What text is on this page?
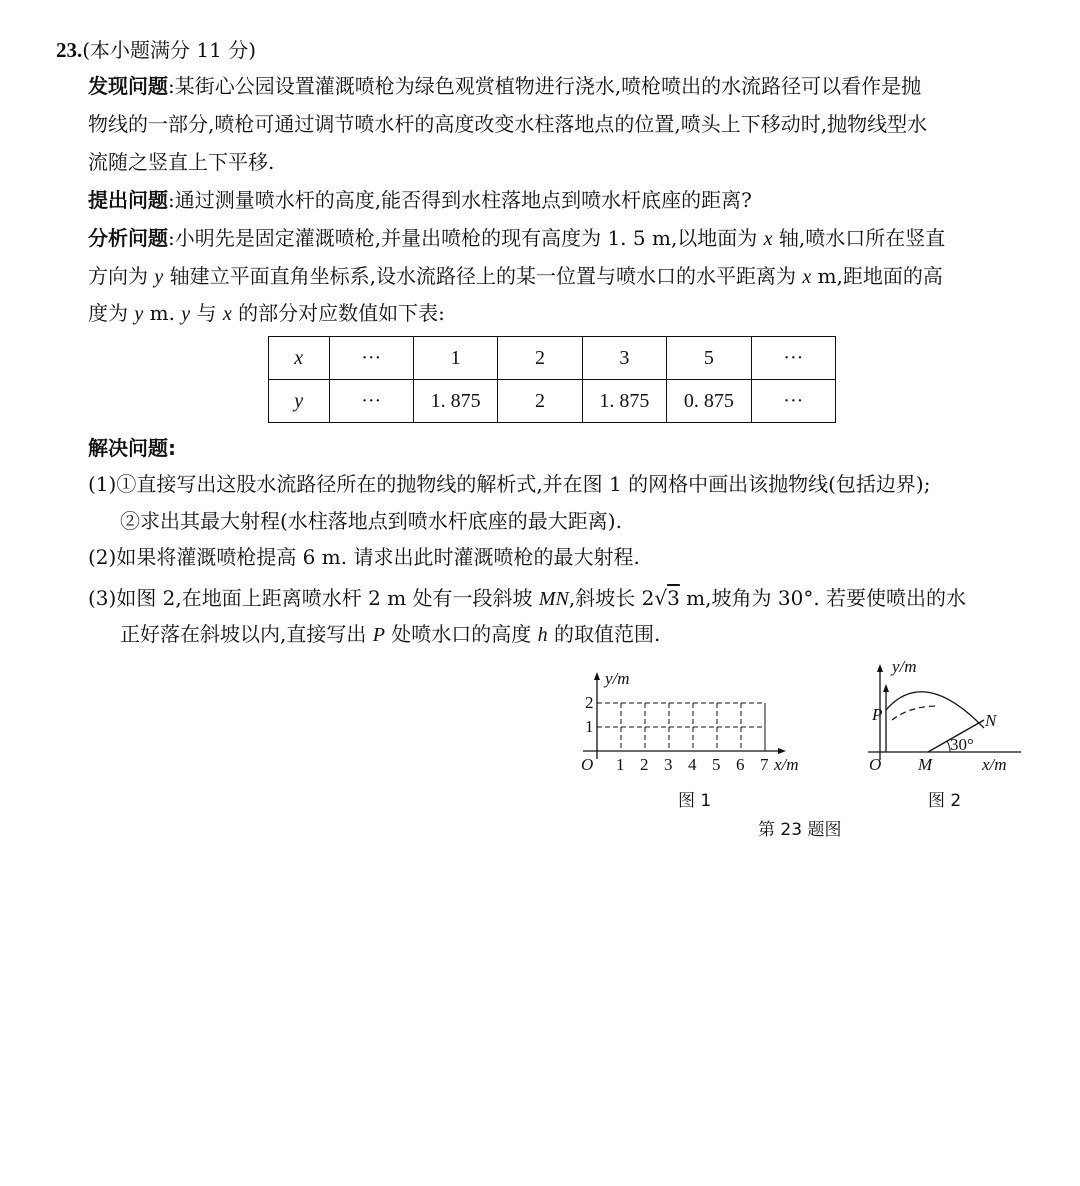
23.(本小题满分 11 分)
发现问题:某街心公园设置灌溉喷枪为绿色观赏植物进行浇水,喷枪喷出的水流路径可以看作是抛
物线的一部分,喷枪可通过调节喷水杆的高度改变水柱落地点的位置,喷头上下移动时,抛物线型水
流随之竖直上下平移.
提出问题:通过测量喷水杆的高度,能否得到水柱落地点到喷水杆底座的距离?
分析问题:小明先是固定灌溉喷枪,并量出喷枪的现有高度为 1. 5 m,以地面为 x 轴,喷水口所在竖直
方向为 y 轴建立平面直角坐标系,设水流路径上的某一位置与喷水口的水平距离为 x m,距地面的高
度为 y m. y 与 x 的部分对应数值如下表:
x	···	1	2	3	5	···
y	···	1. 875	2	1. 875	0. 875	···
解决问题:
(1)①直接写出这股水流路径所在的抛物线的解析式,并在图 1 的网格中画出该抛物线(包括边界);
②求出其最大射程(水柱落地点到喷水杆底座的最大距离).
(2)如果将灌溉喷枪提高 6 m. 请求出此时灌溉喷枪的最大射程.
(3)如图 2,在地面上距离喷水杆 2 m 处有一段斜坡 MN,斜坡长 2√3 m,坡角为 30°. 若要使喷出的水
正好落在斜坡以内,直接写出 P 处喷水口的高度 h 的取值范围.
y/m
2
1
O 1 2 3 4 5 6 7 x/m
图 1
y/m
P	N
30°
O M	x/m
图 2
第 23 题图
